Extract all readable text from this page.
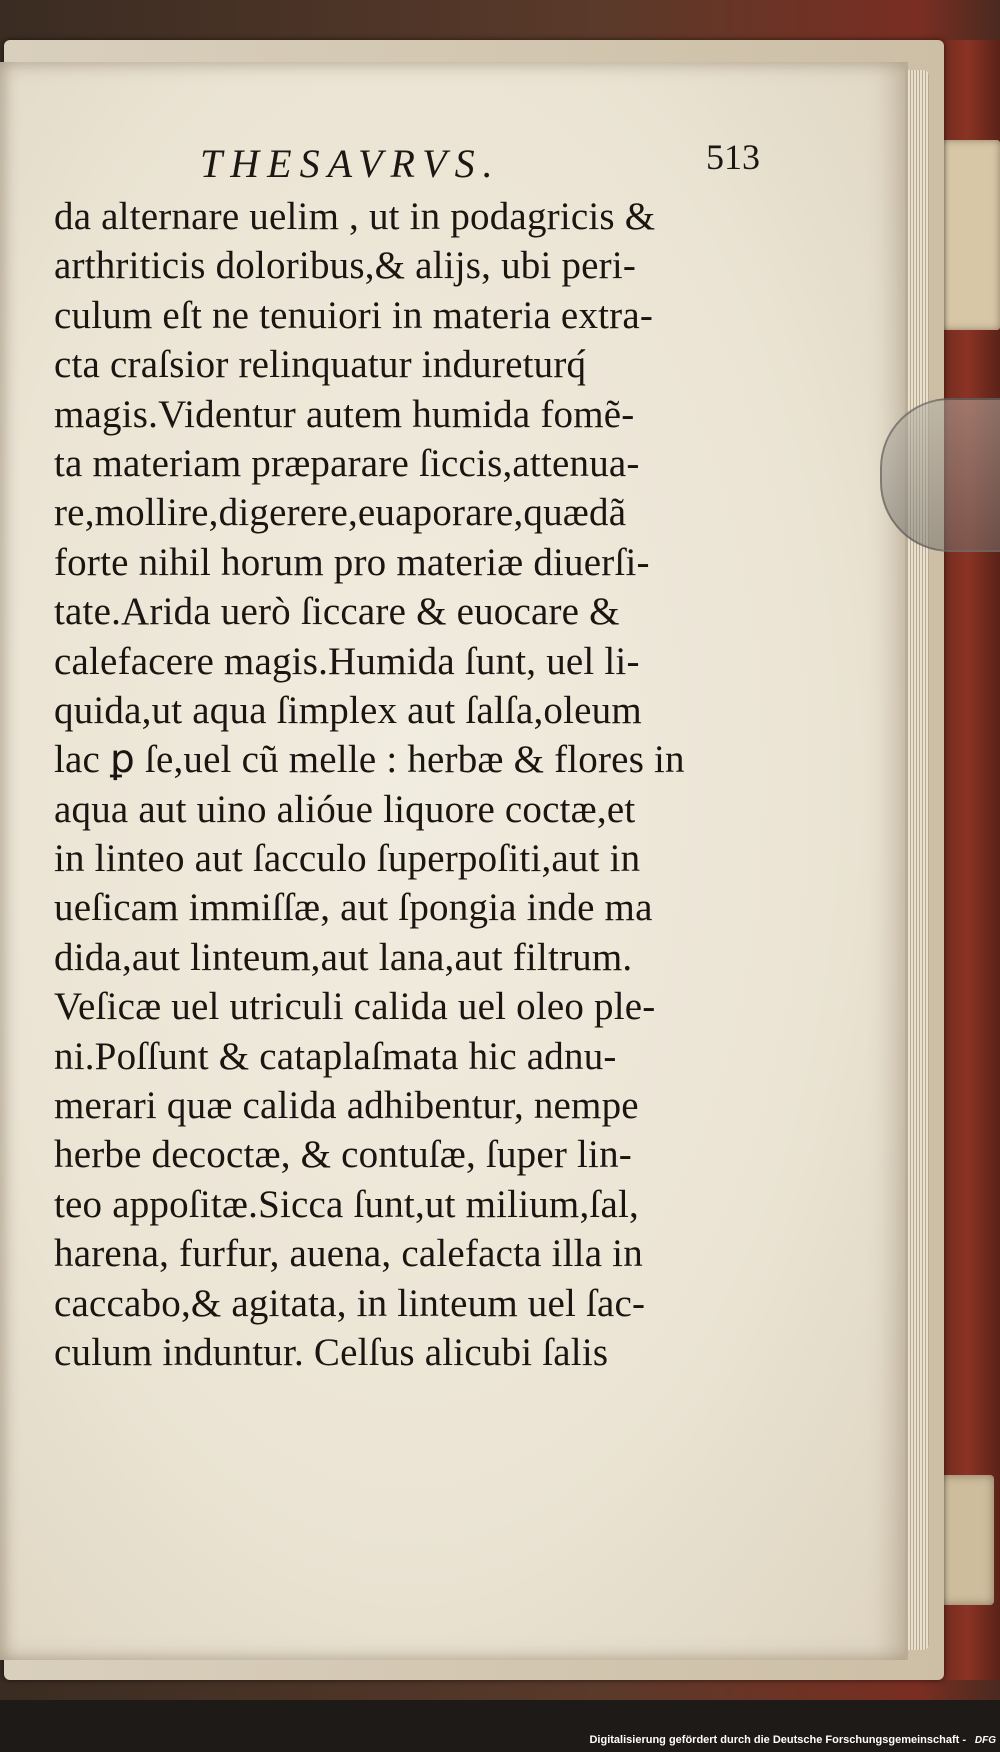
THESAVRVS.	513
da alternare uelim , ut in podagricis &
arthriticis doloribus,& alijs, ubi peri-
culum eſt ne tenuiori in materia extra-
cta craſsior relinquatur indureturq́
magis.Videntur autem humida fomẽ-
ta materiam præparare ſiccis,attenua-
re,mollire,digerere,euaporare,quædã
forte nihil horum pro materiæ diuerſi-
tate.Arida uerò ſiccare & euocare &
calefacere magis.Humida ſunt, uel li-
quida,ut aqua ſimplex aut ſalſa,oleum
lac ꝑ ſe,uel cũ melle : herbæ & flores in
aqua aut uino alióue liquore coctæ,et
in linteo aut ſacculo ſuperpoſiti,aut in
ueſicam immiſſæ, aut ſpongia inde ma
dida,aut linteum,aut lana,aut filtrum.
Veſicæ uel utriculi calida uel oleo ple-
ni.Poſſunt & cataplaſmata hic adnu-
merari quæ calida adhibentur, nempe
herbe decoctæ, & contuſæ, ſuper lin-
teo appoſitæ.Sicca ſunt,ut milium,ſal,
harena, furfur, auena, calefacta illa in
caccabo,& agitata, in linteum uel ſac-
culum induntur. Celſus alicubi ſalis
Digitalisierung gefördert durch die Deutsche Forschungsgemeinschaft - DFG
